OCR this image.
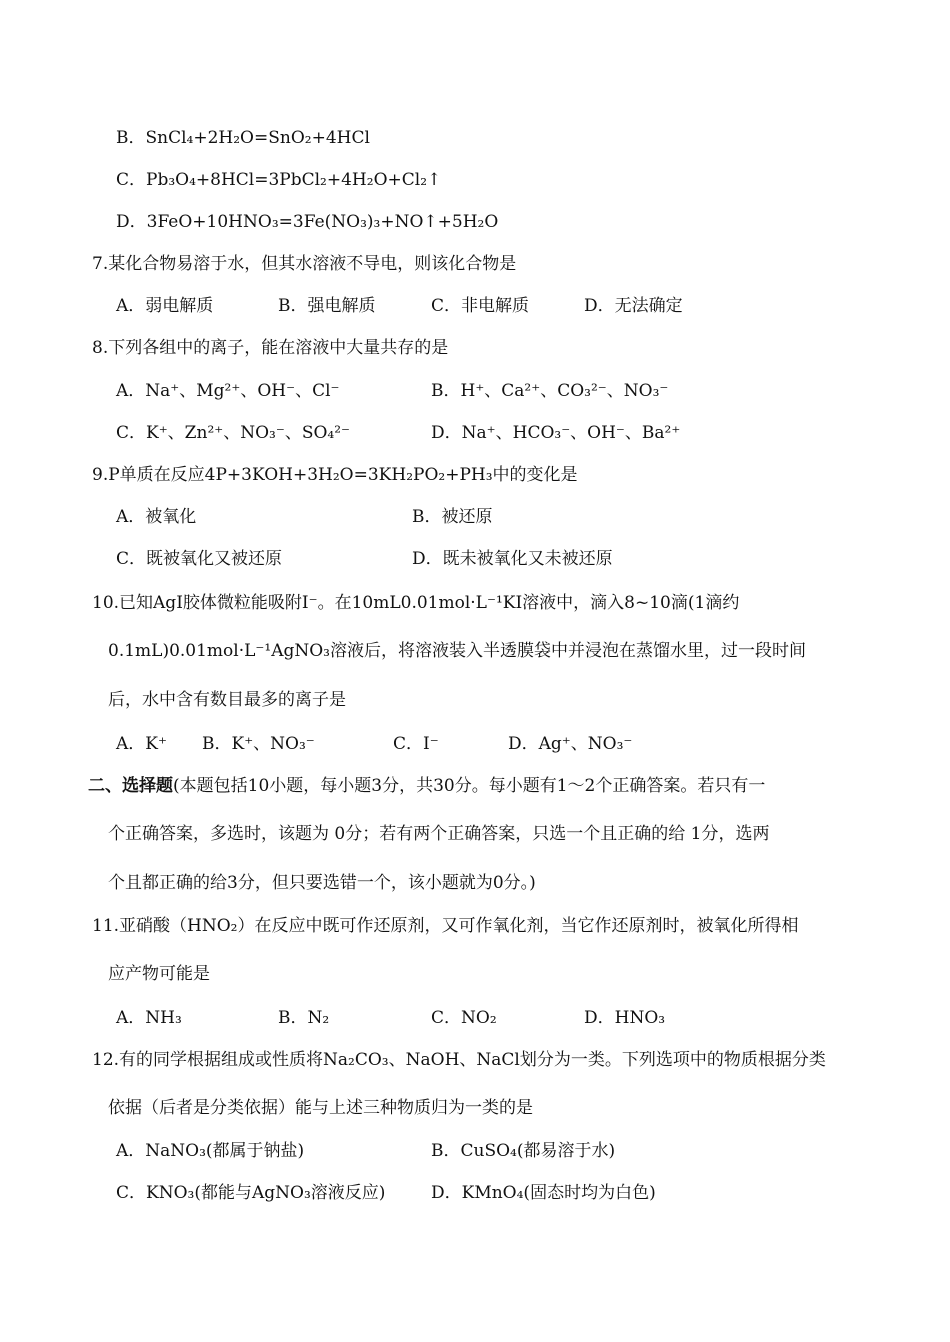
B．SnCl₄+2H₂O=SnO₂+4HCl
C．Pb₃O₄+8HCl=3PbCl₂+4H₂O+Cl₂↑
D．3FeO+10HNO₃=3Fe(NO₃)₃+NO↑+5H₂O
7.某化合物易溶于水，但其水溶液不导电，则该化合物是
A．弱电解质	B．强电解质	C．非电解质	D．无法确定
8.下列各组中的离子，能在溶液中大量共存的是
A．Na⁺、Mg²⁺、OH⁻、Cl⁻	B．H⁺、Ca²⁺、CO₃²⁻、NO₃⁻
C．K⁺、Zn²⁺、NO₃⁻、SO₄²⁻	D．Na⁺、HCO₃⁻、OH⁻、Ba²⁺
9.P单质在反应4P+3KOH+3H₂O=3KH₂PO₂+PH₃中的变化是
A．被氧化	B．被还原
C．既被氧化又被还原	D．既未被氧化又未被还原
10.已知AgI胶体微粒能吸附I⁻。在10mL0.01mol·L⁻¹KI溶液中，滴入8~10滴(1滴约
0.1mL)0.01mol·L⁻¹AgNO₃溶液后，将溶液装入半透膜袋中并浸泡在蒸馏水里，过一段时间
后，水中含有数目最多的离子是
A．K⁺ B．K⁺、NO₃⁻	C．I⁻	D．Ag⁺、NO₃⁻
二、选择题(本题包括10小题，每小题3分，共30分。每小题有1～2个正确答案。若只有一
个正确答案，多选时，该题为 0分；若有两个正确答案，只选一个且正确的给 1分，选两
个且都正确的给3分，但只要选错一个，该小题就为0分。)
11.亚硝酸（HNO₂）在反应中既可作还原剂，又可作氧化剂，当它作还原剂时，被氧化所得相
应产物可能是
A．NH₃	B．N₂	C．NO₂	D．HNO₃
12.有的同学根据组成或性质将Na₂CO₃、NaOH、NaCl划分为一类。下列选项中的物质根据分类
依据（后者是分类依据）能与上述三种物质归为一类的是
A．NaNO₃(都属于钠盐)	B．CuSO₄(都易溶于水)
C．KNO₃(都能与AgNO₃溶液反应)	D．KMnO₄(固态时均为白色)
